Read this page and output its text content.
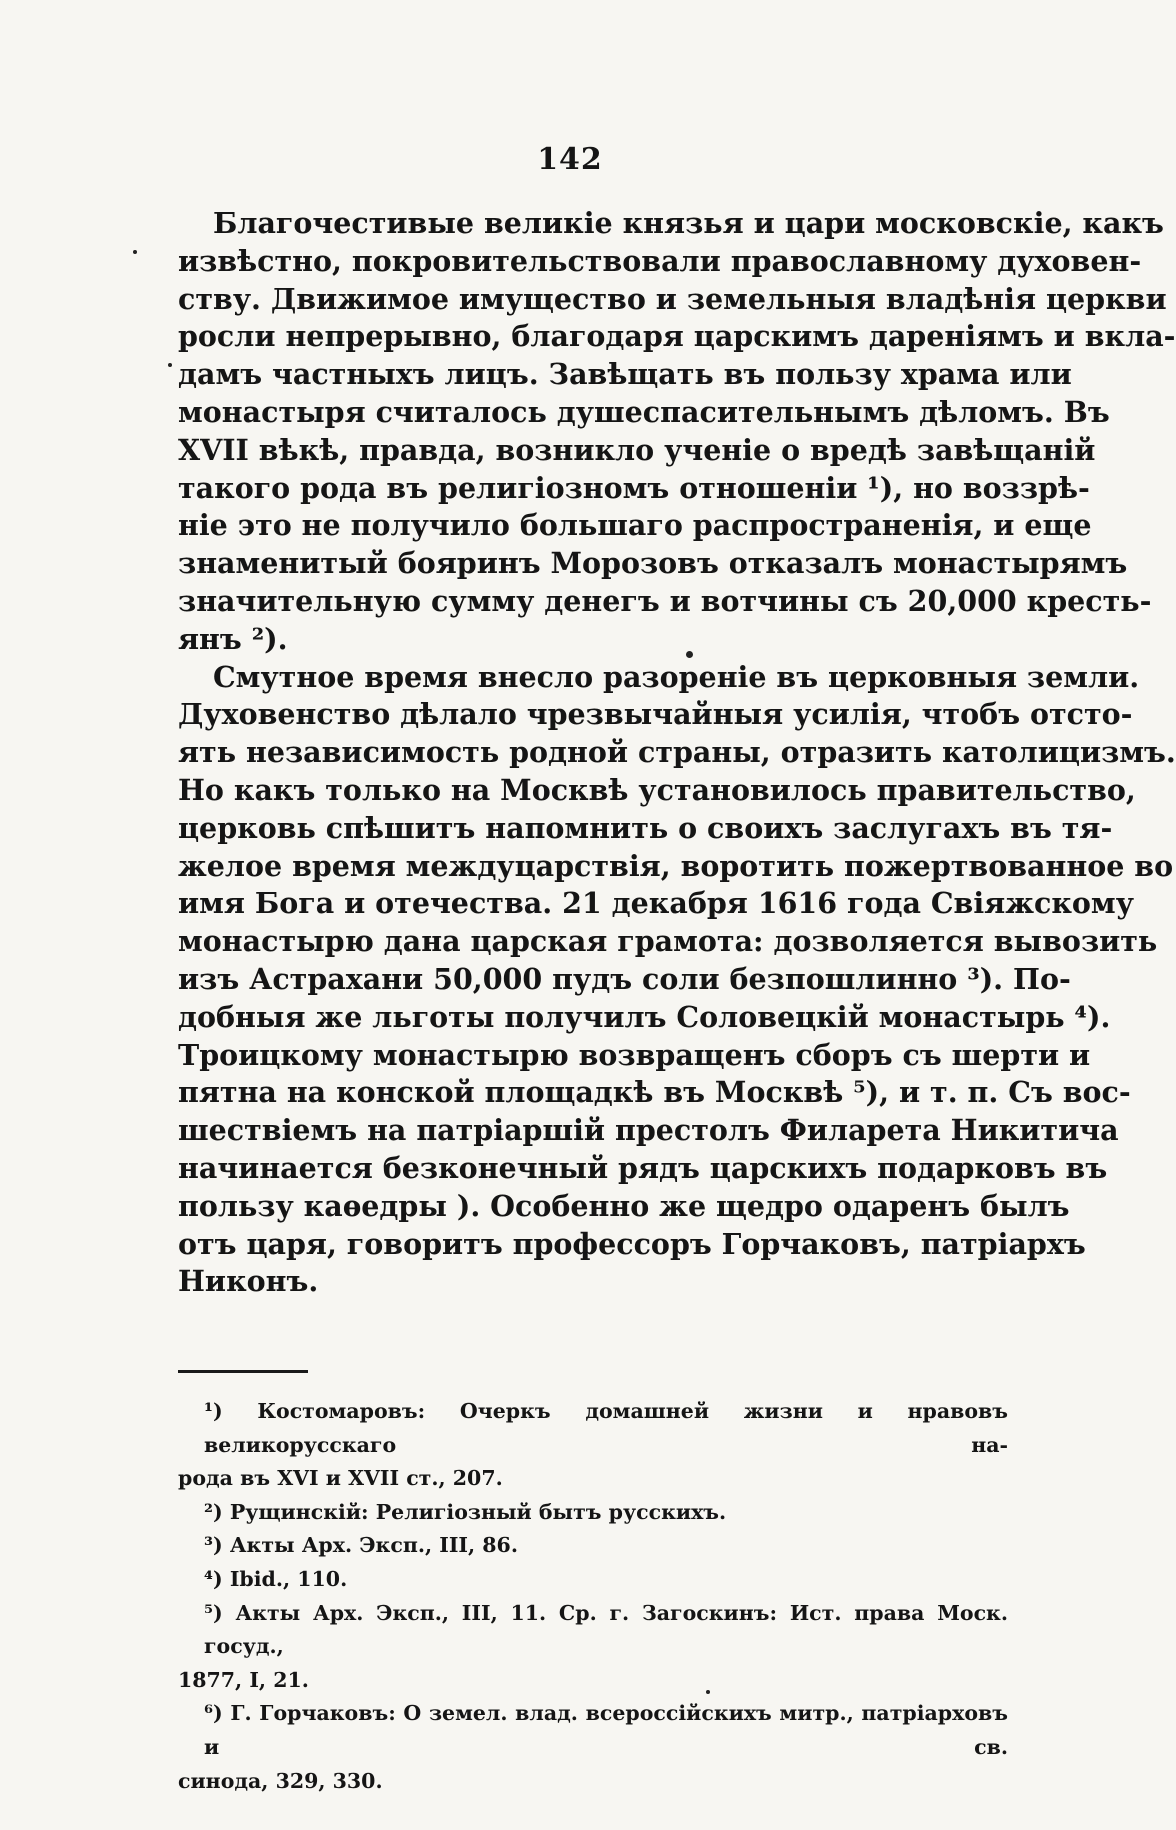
142
Благочестивые великіе князья и цари московскіе, какъ
извѣстно, покровительствовали православному духовен-
ству. Движимое имущество и земельныя владѣнія церкви
росли непрерывно, благодаря царскимъ дареніямъ и вкла-
дамъ частныхъ лицъ. Завѣщать въ пользу храма или
монастыря считалось душеспасительнымъ дѣломъ. Въ
XVII вѣкѣ, правда, возникло ученіе о вредѣ завѣщаній
такого рода въ религіозномъ отношеніи ¹), но воззрѣ-
ніе это не получило большаго распространенія, и еще
знаменитый бояринъ Морозовъ отказалъ монастырямъ
значительную сумму денегъ и вотчины съ 20,000 кресть-
янъ ²).
Смутное время внесло разореніе въ церковныя земли.
Духовенство дѣлало чрезвычайныя усилія, чтобъ отсто-
ять независимость родной страны, отразить католицизмъ.
Но какъ только на Москвѣ установилось правительство,
церковь спѣшитъ напомнить о своихъ заслугахъ въ тя-
желое время междуцарствія, воротить пожертвованное во
имя Бога и отечества. 21 декабря 1616 года Свіяжскому
монастырю дана царская грамота: дозволяется вывозить
изъ Астрахани 50,000 пудъ соли безпошлинно ³). По-
добныя же льготы получилъ Соловецкій монастырь ⁴).
Троицкому монастырю возвращенъ сборъ съ шерти и
пятна на конской площадкѣ въ Москвѣ ⁵), и т. п. Съ вос-
шествіемъ на патріаршій престолъ Филарета Никитича
начинается безконечный рядъ царскихъ подарковъ въ
пользу каѳедры ). Особенно же щедро одаренъ былъ
отъ царя, говоритъ профессоръ Горчаковъ, патріархъ
Никонъ.
¹) Костомаровъ: Очеркъ домашней жизни и нравовъ великорусскаго на-
рода въ XVI и XVII ст., 207.
²) Рущинскій: Религіозный бытъ русскихъ.
³) Акты Арх. Эксп., III, 86.
⁴) Ibid., 110.
⁵) Акты Арх. Эксп., III, 11. Ср. г. Загоскинъ: Ист. права Моск. госуд.,
1877, I, 21.
⁶) Г. Горчаковъ: О земел. влад. всероссійскихъ митр., патріарховъ и св.
синода, 329, 330.
